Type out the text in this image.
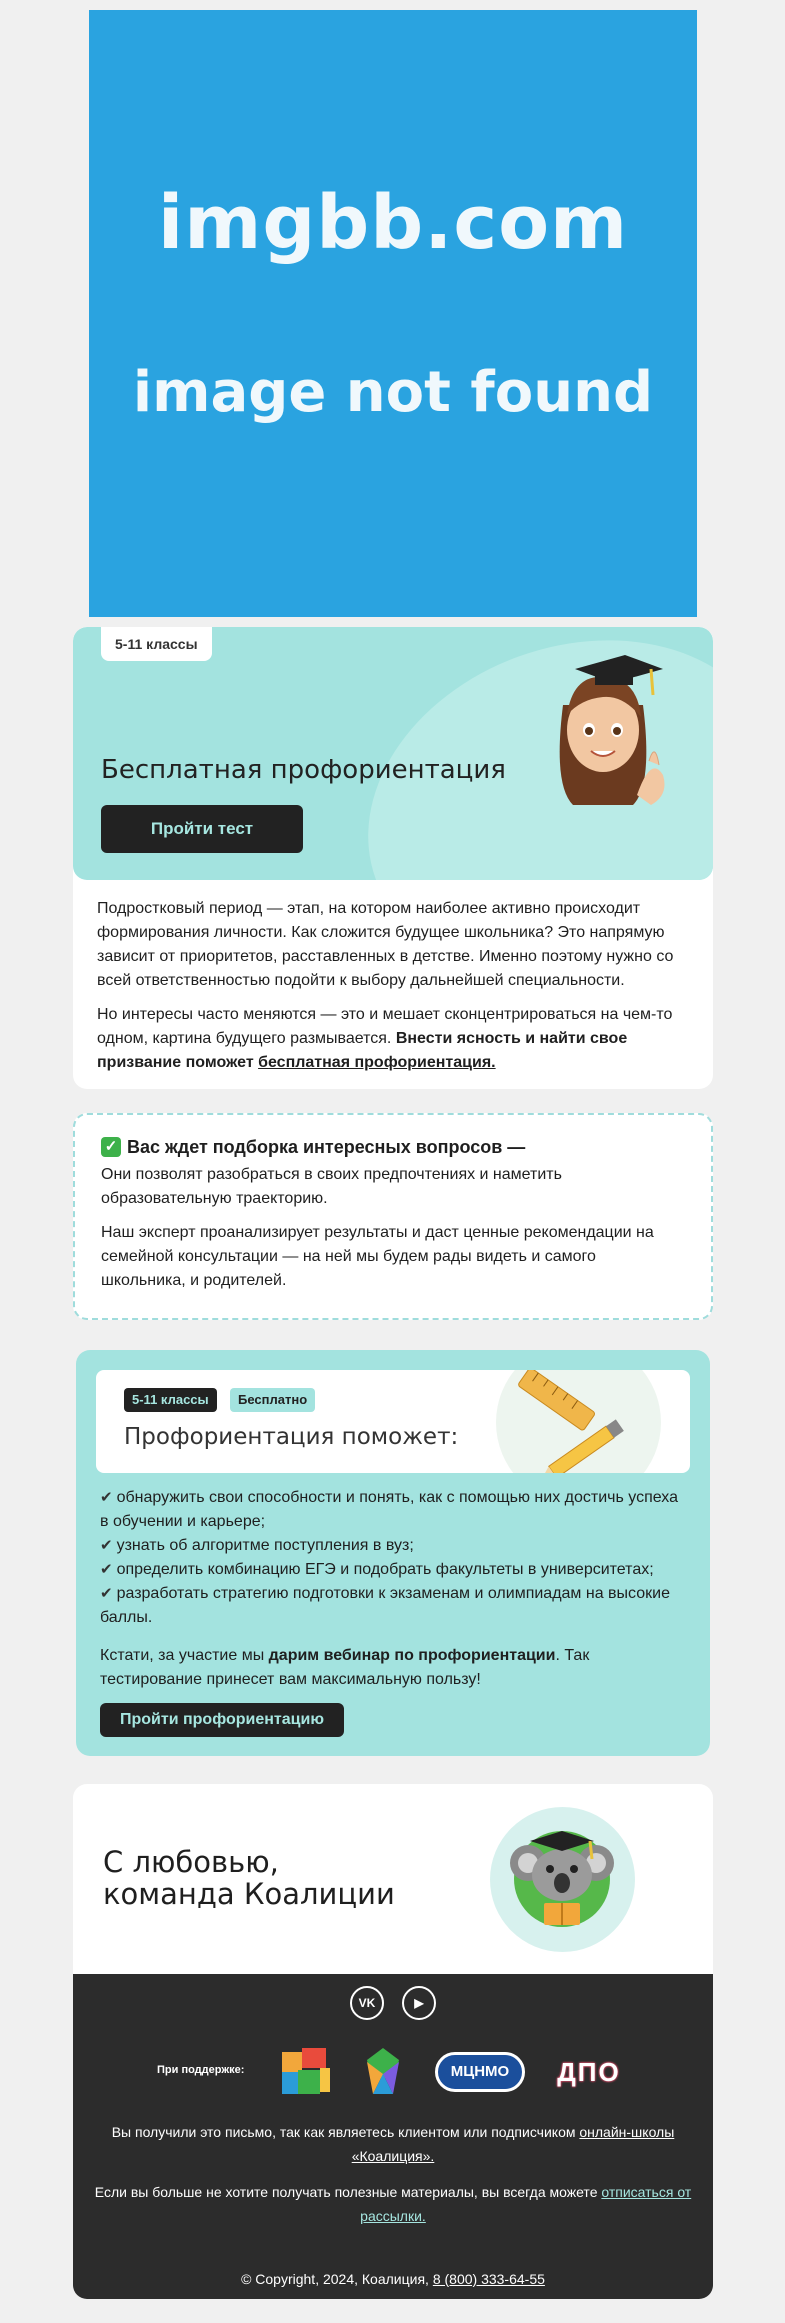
imgbb.com
image not found
5-11 классы
Бесплатная профориентация
Пройти тест

Подростковый период — этап, на котором наиболее активно происходит формирования личности. Как сложится будущее школьника? Это напрямую зависит от приоритетов, расставленных в детстве. Именно поэтому нужно со всей ответственностью подойти к выбору дальнейшей специальности.

Но интересы часто меняются — это и мешает сконцентрироваться на чем-то одном, картина будущего размывается. Внести ясность и найти свое призвание поможет бесплатная профориентация.

✓ Вас ждет подборка интересных вопросов —

Они позволят разобраться в своих предпочтениях и наметить образовательную траекторию.

Наш эксперт проанализирует результаты и даст ценные рекомендации на семейной консультации — на ней мы будем рады видеть и самого школьника, и родителей.

5-11 классы	Бесплатно
Профориентация поможет:
✔ обнаружить свои способности и понять, как с помощью них достичь успеха в обучении и карьере;
✔ узнать об алгоритме поступления в вуз;
✔ определить комбинацию ЕГЭ и подобрать факультеты в университетах;
✔ разработать стратегию подготовки к экзаменам и олимпиадам на высокие баллы.
Кстати, за участие мы дарим вебинар по профориентации. Так тестирование принесет вам максимальную пользу!
Пройти профориентацию
С любовью,
команда Коалиции
VK	▶
При поддержке:	МЦНМО	ДПО
Вы получили это письмо, так как являетесь клиентом или подписчиком онлайн-школы «Коалиция».
Если вы больше не хотите получать полезные материалы, вы всегда можете отписаться от рассылки.
© Copyright, 2024, Коалиция, 8 (800) 333-64-55
